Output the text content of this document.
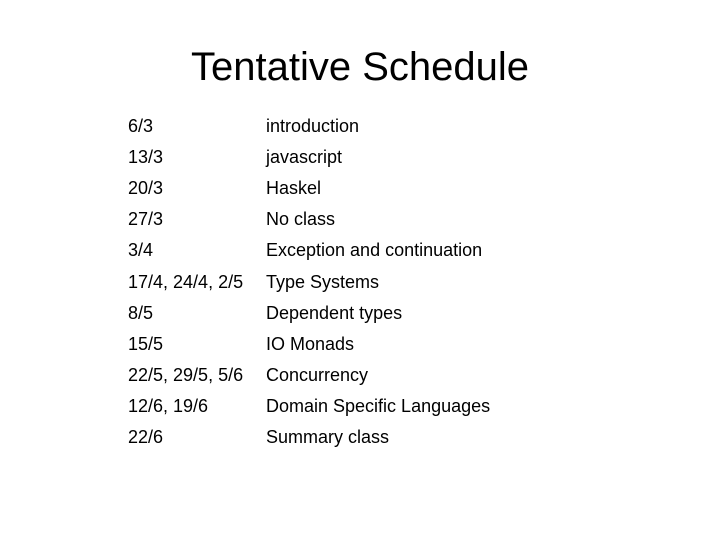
Tentative Schedule
6/3	introduction
13/3	javascript
20/3	Haskel
27/3	No class
3/4	Exception and continuation
17/4, 24/4, 2/5	Type Systems
8/5	Dependent types
15/5	IO Monads
22/5, 29/5, 5/6	Concurrency
12/6, 19/6	Domain Specific Languages
22/6	Summary class
